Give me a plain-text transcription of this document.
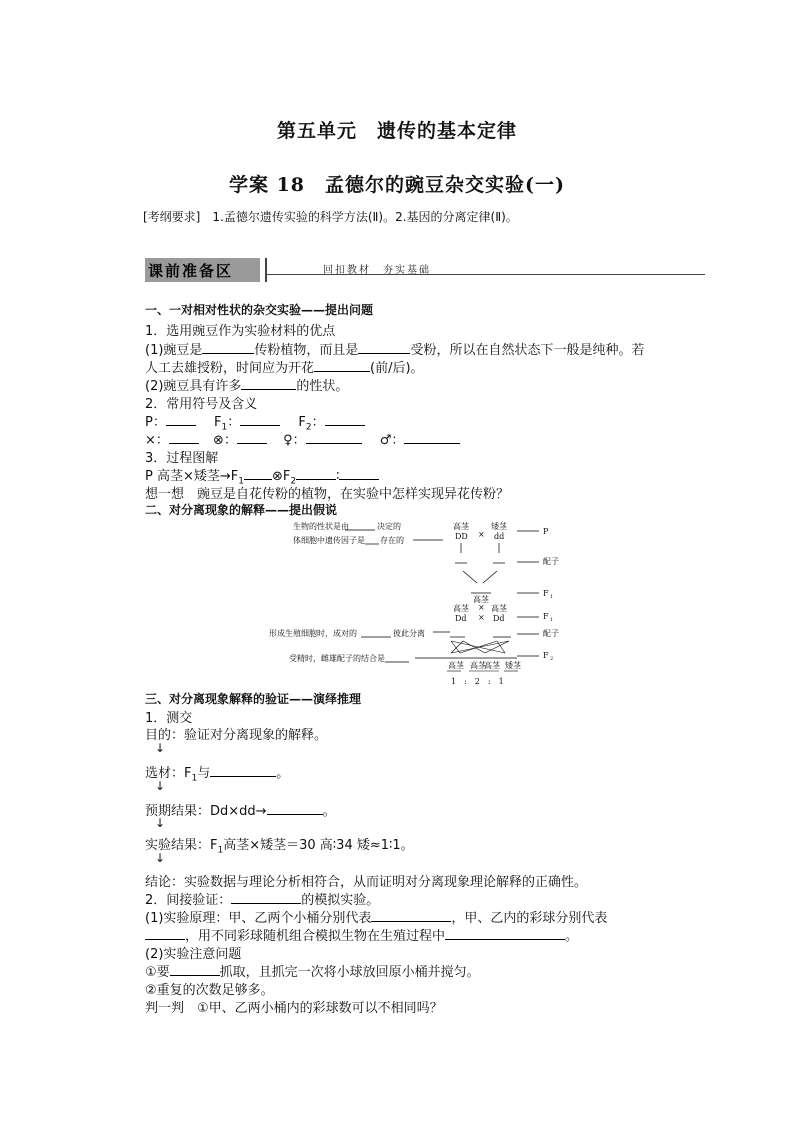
第五单元　遗传的基本定律
学案 18　孟德尔的豌豆杂交实验(一)
[考纲要求]　1.孟德尔遗传实验的科学方法(Ⅱ)。2.基因的分离定律(Ⅱ)。
课前准备区	回扣教材　夯实基础
一、一对相对性状的杂交实验——提出问题
1．选用豌豆作为实验材料的优点
(1)豌豆是	传粉植物，而且是	受粉，所以在自然状态下一般是纯种。若
人工去雄授粉，时间应为开花	(前/后)。
(2)豌豆具有许多	的性状。
2．常用符号及含义
P：	$F_1$：	$F_2$：
×：	⊗：	♀：	♂：
3．过程图解
P 高茎×矮茎$\to F_1$ $\otimes F_2$	∶
想一想　豌豆是自花传粉的植物，在实验中怎样实现异花传粉？
二、对分离现象的解释——提出假说
生物的性状是由	决定的
体细胞中遗传因子是 存在的
形成生殖细胞时，成对的	彼此分离
受精时，雌雄配子的结合是
高茎
DD ×
矮茎
dd
P
配子
高茎
F 1
×
高茎
Dd ×
高茎
Dd	F 1
配子
F 2
高茎 高茎
高茎 矮茎
1　:　2　:　1
三、对分离现象解释的验证——演绎推理
1．测交
目的：验证对分离现象的解释。
↓
选材：$F_1$与	。
↓
预期结果：Dd×dd→	。
↓
实验结果：$F_1$高茎×矮茎＝30 高∶34 矮≈1∶1。
↓
结论：实验数据与理论分析相符合，从而证明对分离现象理论解释的正确性。
2．间接验证：	的模拟实验。
(1)实验原理：甲、乙两个小桶分别代表	，甲、乙内的彩球分别代表
，用不同彩球随机组合模拟生物在生殖过程中	。
(2)实验注意问题
①要	抓取，且抓完一次将小球放回原小桶并搅匀。
②重复的次数足够多。
判一判　①甲、乙两小桶内的彩球数可以不相同吗？
